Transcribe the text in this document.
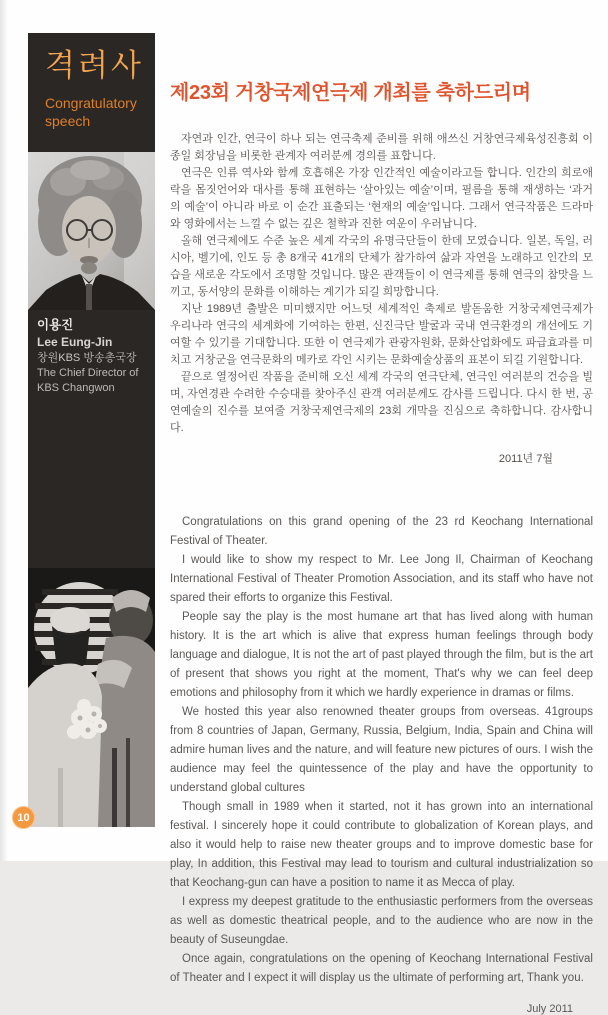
격려사
Congratulatory speech
이용진
Lee Eung-Jin
창원KBS 방송총국장
The Chief Director of KBS Changwon
10
제23회 거창국제연극제 개최를 축하드리며

자연과 인간, 연극이 하나 되는 연극축제 준비를 위해 애쓰신 거창연극제육성진흥회 이종일 회장님을 비롯한 관계자 여러분께 경의를 표합니다.

연극은 인류 역사와 함께 호흡해온 가장 인간적인 예술이라고들 합니다. 인간의 희로애락을 몸짓언어와 대사를 통해 표현하는 ‘살아있는 예술’이며, 필름을 통해 재생하는 ‘과거의 예술’이 아니라 바로 이 순간 표출되는 ‘현재의 예술’입니다. 그래서 연극작품은 드라마와 영화에서는 느낄 수 없는 깊은 철학과 진한 여운이 우러납니다.

올해 연극제에도 수준 높은 세계 각국의 유명극단들이 한데 모였습니다. 일본, 독일, 러시아, 벨기에, 인도 등 총 8개국 41개의 단체가 참가하여 삶과 자연을 노래하고 인간의 모습을 새로운 각도에서 조명할 것입니다. 많은 관객들이 이 연극제를 통해 연극의 참맛을 느끼고, 동서양의 문화를 이해하는 계기가 되길 희망합니다.

지난 1989년 출발은 미미했지만 어느덧 세계적인 축제로 발돋움한 거창국제연극제가 우리나라 연극의 세계화에 기여하는 한편, 신진극단 발굴과 국내 연극환경의 개선에도 기여할 수 있기를 기대합니다. 또한 이 연극제가 관광자원화, 문화산업화에도 파급효과를 미치고 거창군을 연극문화의 메카로 각인 시키는 문화예술상품의 표본이 되길 기원합니다.

끝으로 열정어린 작품을 준비해 오신 세계 각국의 연극단체, 연극인 여러분의 건승을 빌며, 자연경관 수려한 수승대를 찾아주신 관객 여러분께도 감사를 드립니다. 다시 한 번, 공연예술의 진수를 보여줄 거창국제연극제의 23회 개막을 진심으로 축하합니다. 감사합니다.

2011년 7월

Congratulations on this grand opening of the 23 rd Keochang International Festival of Theater.

I would like to show my respect to Mr. Lee Jong Il, Chairman of Keochang International Festival of Theater Promotion Association, and its staff who have not spared their efforts to organize this Festival.

People say the play is the most humane art that has lived along with human history. It is the art which is alive that express human feelings through body language and dialogue, It is not the art of past played through the film, but is the art of present that shows you right at the moment, That's why we can feel deep emotions and philosophy from it which we hardly experience in dramas or films.

We hosted this year also renowned theater groups from overseas. 41groups from 8 countries of Japan, Germany, Russia, Belgium, India, Spain and China will admire human lives and the nature, and will feature new pictures of ours. I wish the audience may feel the quintessence of the play and have the opportunity to understand global cultures

Though small in 1989 when it started, not it has grown into an international festival. I sincerely hope it could contribute to globalization of Korean plays, and also it would help to raise new theater groups and to improve domestic base for play, In addition, this Festival may lead to tourism and cultural industrialization so that Keochang-gun can have a position to name it as Mecca of play.

I express my deepest gratitude to the enthusiastic performers from the overseas as well as domestic theatrical people, and to the audience who are now in the beauty of Suseungdae.

Once again, congratulations on the opening of Keochang International Festival of Theater and I expect it will display us the ultimate of performing art, Thank you.

July 2011
